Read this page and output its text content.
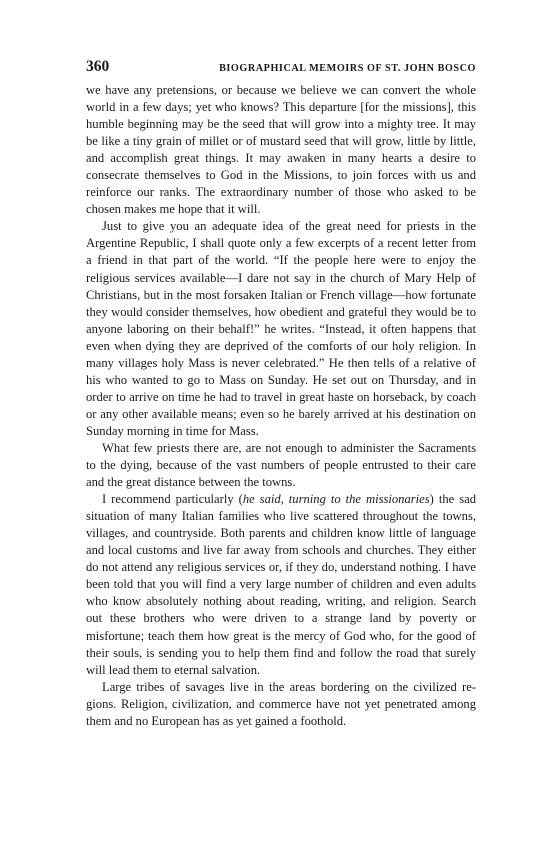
360	BIOGRAPHICAL MEMOIRS OF ST. JOHN BOSCO

we have any pretensions, or because we believe we can convert the whole world in a few days; yet who knows? This departure [for the missions], this humble beginning may be the seed that will grow into a mighty tree. It may be like a tiny grain of millet or of mustard seed that will grow, little by little, and accomplish great things. It may awaken in many hearts a desire to consecrate themselves to God in the Missions, to join forces with us and reinforce our ranks. The extraordinary number of those who asked to be chosen makes me hope that it will.

Just to give you an adequate idea of the great need for priests in the Argentine Republic, I shall quote only a few excerpts of a recent letter from a friend in that part of the world. “If the people here were to enjoy the religious services available—I dare not say in the church of Mary Help of Christians, but in the most forsaken Italian or French village—how fortunate they would consider themselves, how obedient and grateful they would be to anyone laboring on their behalf!” he writes. “Instead, it often happens that even when dying they are deprived of the comforts of our holy religion. In many villages holy Mass is never celebrated.” He then tells of a relative of his who wanted to go to Mass on Sunday. He set out on Thursday, and in order to arrive on time he had to travel in great haste on horseback, by coach or any other available means; even so he barely arrived at his destination on Sunday morning in time for Mass.

What few priests there are, are not enough to administer the Sacraments to the dying, because of the vast numbers of people entrusted to their care and the great distance between the towns.

I recommend particularly (he said, turning to the missionaries) the sad situation of many Italian families who live scattered throughout the towns, villages, and countryside. Both parents and children know little of language and local customs and live far away from schools and churches. They either do not attend any religious services or, if they do, understand nothing. I have been told that you will find a very large number of children and even adults who know absolutely nothing about reading, writing, and religion. Search out these brothers who were driven to a strange land by poverty or misfortune; teach them how great is the mercy of God who, for the good of their souls, is sending you to help them find and follow the road that surely will lead them to eternal salvation.

Large tribes of savages live in the areas bordering on the civilized regions. Religion, civilization, and commerce have not yet penetrated among them and no European has as yet gained a foothold.
